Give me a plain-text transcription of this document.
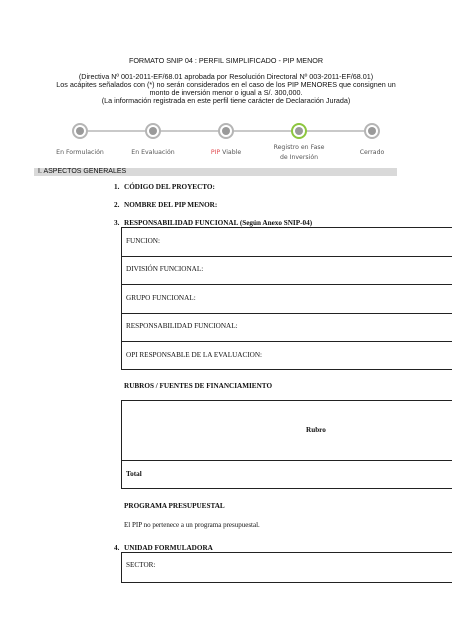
FORMATO SNIP 04 : PERFIL SIMPLIFICADO - PIP MENOR
(Directiva Nº 001-2011-EF/68.01 aprobada por Resolución Directoral Nº 003-2011-EF/68.01)
Los acápites señalados con (*) no serán considerados en el caso de los PIP MENORES que consignen un
monto de inversión menor o igual a S/. 300,000.
(La información registrada en este perfil tiene carácter de Declaración Jurada)
En Formulación	En Evaluación	PIP Viable
Registro en Fase
de Inversión
Cerrado
I. ASPECTOS GENERALES
1. CÓDIGO DEL PROYECTO:
2. NOMBRE DEL PIP MENOR:
3. RESPONSABILIDAD FUNCIONAL (Según Anexo SNIP-04)
FUNCION:
DIVISIÓN FUNCIONAL:
GRUPO FUNCIONAL:
RESPONSABILIDAD FUNCIONAL:
OPI RESPONSABLE DE LA EVALUACION:
RUBROS / FUENTES DE FINANCIAMIENTO
Rubro
Total
PROGRAMA PRESUPUESTAL
El PIP no pertenece a un programa presupuestal.
4. UNIDAD FORMULADORA
SECTOR:
